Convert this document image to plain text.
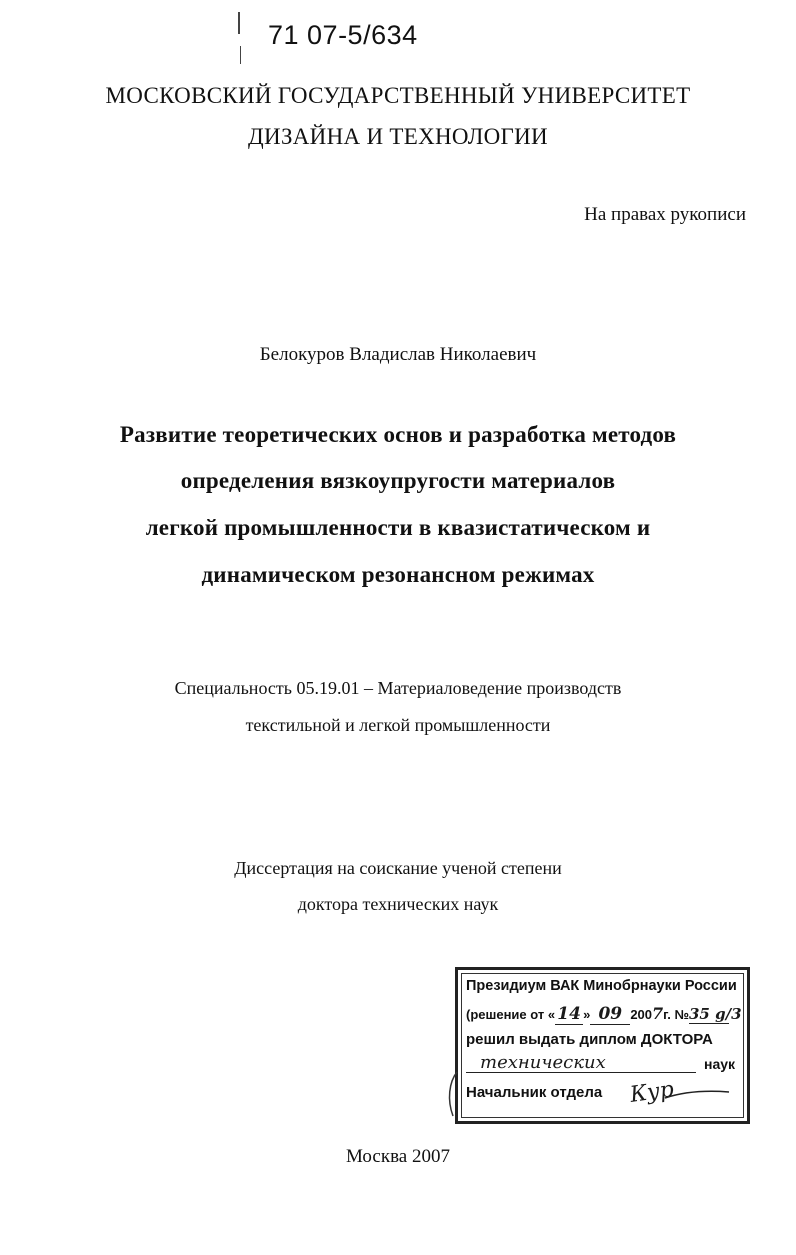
71 07-5/634
МОСКОВСКИЙ ГОСУДАРСТВЕННЫЙ УНИВЕРСИТЕТ
ДИЗАЙНА И ТЕХНОЛОГИИ
На правах рукописи
Белокуров Владислав Николаевич
Развитие теоретических основ и разработка методов
определения вязкоупругости материалов
легкой промышленности в квазистатическом и
динамическом резонансном режимах
Специальность 05.19.01 – Материаловедение производств
текстильной и легкой промышленности
Диссертация на соискание ученой степени
доктора технических наук
Президиум ВАК Минобрнауки России
(решение от « 14 » 09 2007г. №35 g/3
решил выдать диплом ДОКТОРА
технических	наук
Начальник отдела Кур
Москва 2007
